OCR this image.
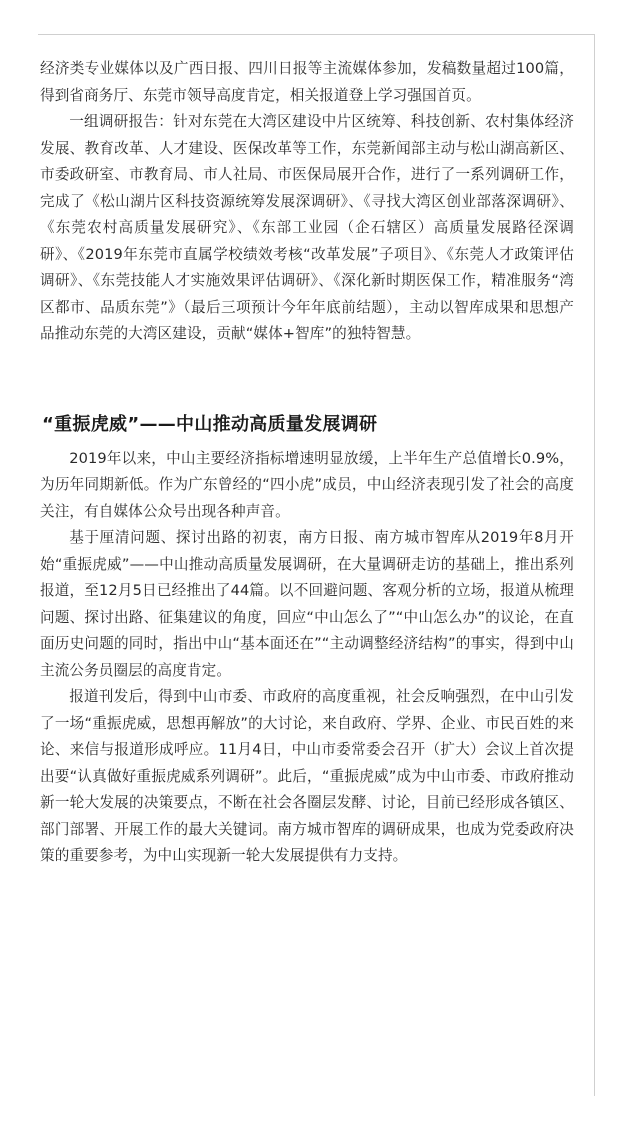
经济类专业媒体以及广西日报、四川日报等主流媒体参加，发稿数量超过100篇，得到省商务厅、东莞市领导高度肯定，相关报道登上学习强国首页。

一组调研报告：针对东莞在大湾区建设中片区统筹、科技创新、农村集体经济发展、教育改革、人才建设、医保改革等工作，东莞新闻部主动与松山湖高新区、市委政研室、市教育局、市人社局、市医保局展开合作，进行了一系列调研工作，完成了《松山湖片区科技资源统筹发展深调研》、《寻找大湾区创业部落深调研》、《东莞农村高质量发展研究》、《东部工业园（企石辖区）高质量发展路径深调研》、《2019年东莞市直属学校绩效考核“改革发展”子项目》、《东莞人才政策评估调研》、《东莞技能人才实施效果评估调研》、《深化新时期医保工作，精准服务“湾区都市、品质东莞”》（最后三项预计今年年底前结题），主动以智库成果和思想产品推动东莞的大湾区建设，贡献“媒体+智库”的独特智慧。

“重振虎威”——中山推动高质量发展调研

2019年以来，中山主要经济指标增速明显放缓，上半年生产总值增长0.9%，为历年同期新低。作为广东曾经的“四小虎”成员，中山经济表现引发了社会的高度关注，有自媒体公众号出现各种声音。

基于厘清问题、探讨出路的初衷，南方日报、南方城市智库从2019年8月开始“重振虎威”——中山推动高质量发展调研，在大量调研走访的基础上，推出系列报道，至12月5日已经推出了44篇。以不回避问题、客观分析的立场，报道从梳理问题、探讨出路、征集建议的角度，回应“中山怎么了”“中山怎么办”的议论，在直面历史问题的同时，指出中山“基本面还在”“主动调整经济结构”的事实，得到中山主流公务员圈层的高度肯定。

报道刊发后，得到中山市委、市政府的高度重视，社会反响强烈，在中山引发了一场“重振虎威，思想再解放”的大讨论，来自政府、学界、企业、市民百姓的来论、来信与报道形成呼应。11月4日，中山市委常委会召开（扩大）会议上首次提出要“认真做好重振虎威系列调研”。此后，“重振虎威”成为中山市委、市政府推动新一轮大发展的决策要点，不断在社会各圈层发酵、讨论，目前已经形成各镇区、部门部署、开展工作的最大关键词。南方城市智库的调研成果，也成为党委政府决策的重要参考，为中山实现新一轮大发展提供有力支持。
